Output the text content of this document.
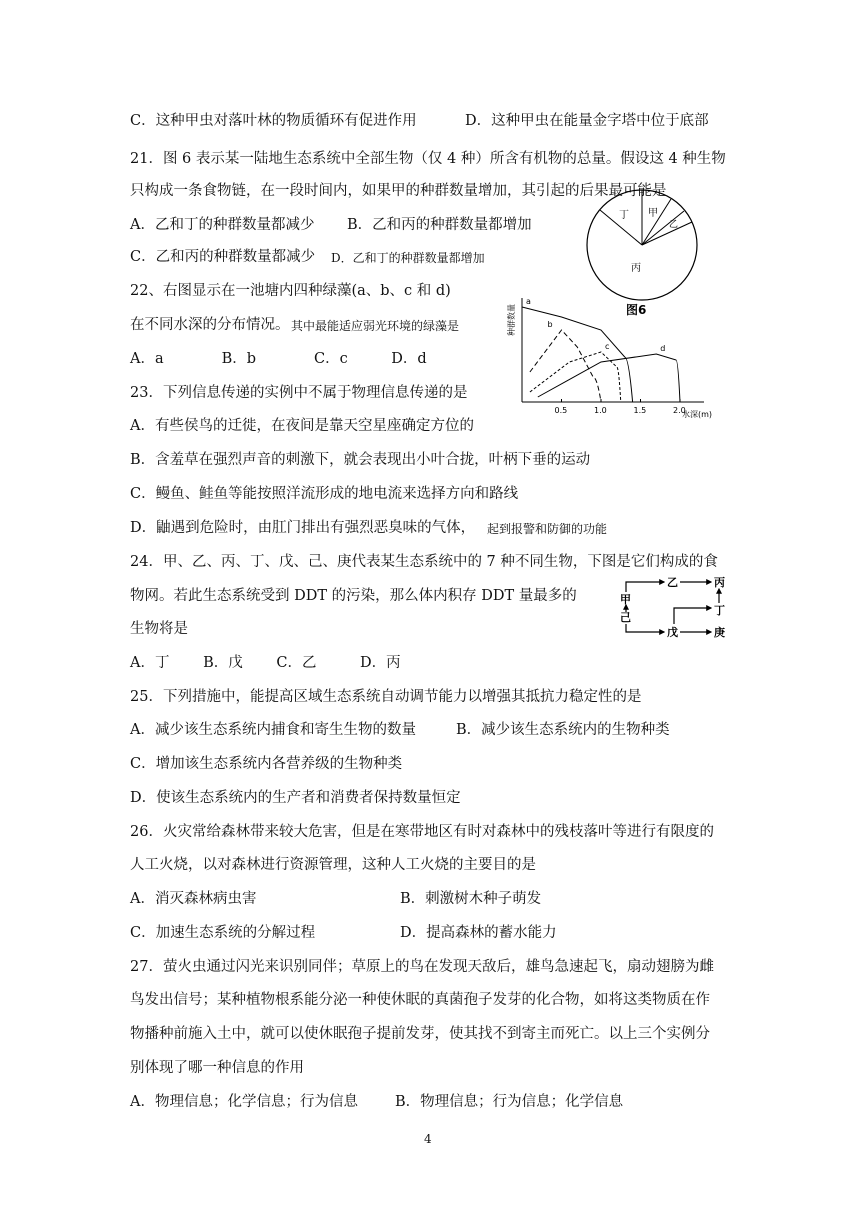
C．这种甲虫对落叶林的物质循环有促进作用	D．这种甲虫在能量金字塔中位于底部
21．图 6 表示某一陆地生态系统中全部生物（仅 4 种）所含有机物的总量。假设这 4 种生物
只构成一条食物链，在一段时间内，如果甲的种群数量增加，其引起的后果最可能是
A．乙和丁的种群数量都减少 B．乙和丙的种群数量都增加
C．乙和丙的种群数量都减少 D．乙和丁的种群数量都增加
22、右图显示在一池塘内四种绿藻(a、b、c 和 d)
在不同水深的分布情况。 其中最能适应弱光环境的绿藻是
A．a　　　　B．b　　　　C．c　　　D．d
23．下列信息传递的实例中不属于物理信息传递的是
A．有些侯鸟的迁徙，在夜间是靠天空星座确定方位的
B．含羞草在强烈声音的刺激下，就会表现出小叶合拢，叶柄下垂的运动
C．鳗鱼、鲑鱼等能按照洋流形成的地电流来选择方向和路线
D．鼬遇到危险时，由肛门排出有强烈恶臭味的气体， 起到报警和防御的功能
24．甲、乙、丙、丁、戊、己、庚代表某生态系统中的 7 种不同生物，下图是它们构成的食
物网。若此生态系统受到 DDT 的污染，那么体内积存 DDT 量最多的
生物将是
A．丁　　 B．戊　　 C．乙　　　D．丙
25．下列措施中，能提高区域生态系统自动调节能力以增强其抵抗力稳定性的是
A．减少该生态系统内捕食和寄生生物的数量	B．减少该生态系统内的生物种类
C．增加该生态系统内各营养级的生物种类
D．使该生态系统内的生产者和消费者保持数量恒定
26．火灾常给森林带来较大危害，但是在寒带地区有时对森林中的残枝落叶等进行有限度的
人工火烧，以对森林进行资源管理，这种人工火烧的主要目的是
A．消灭森林病虫害	B．刺激树木种子萌发
C．加速生态系统的分解过程	D．提高森林的蓄水能力
27．萤火虫通过闪光来识别同伴；草原上的鸟在发现天敌后，雄鸟急速起飞，扇动翅膀为雌
鸟发出信号；某种植物根系能分泌一种使休眠的真菌孢子发芽的化合物，如将这类物质在作
物播种前施入土中，就可以使休眠孢子提前发芽，使其找不到寄主而死亡。以上三个实例分
别体现了哪一种信息的作用
A．物理信息；化学信息；行为信息	B．物理信息；行为信息；化学信息
丁 甲
乙
丙
图6
种群数量
水深(m)
0.5	1.0	1.5	2.0
a
b
c	d
乙	丙
甲
丁
己
戊	庚
4
